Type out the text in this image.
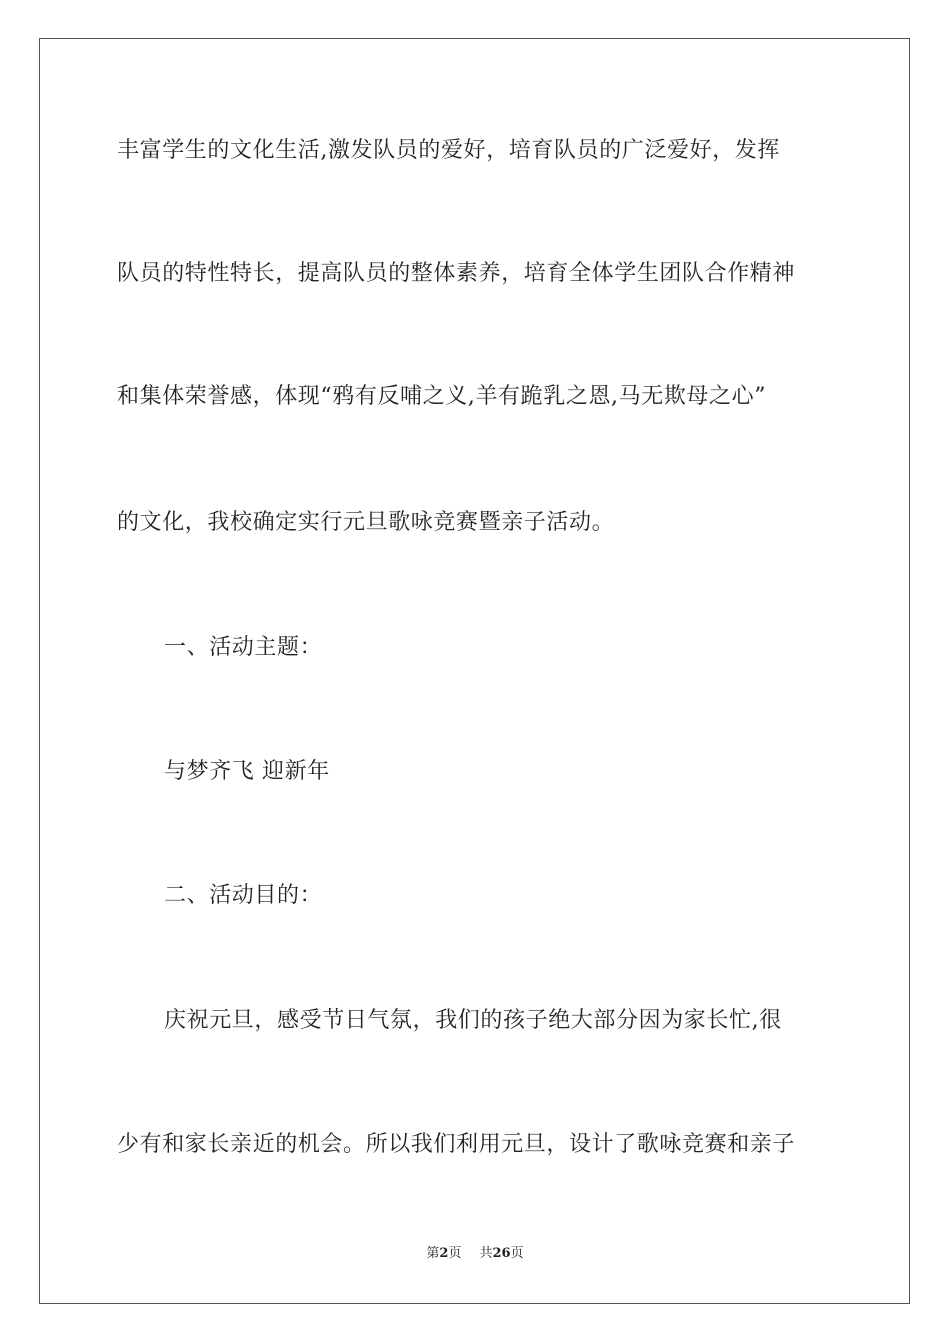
丰富学生的文化生活,激发队员的爱好，培育队员的广泛爱好，发挥
队员的特性特长，提高队员的整体素养，培育全体学生团队合作精神
和集体荣誉感，体现“鸦有反哺之义,羊有跪乳之恩,马无欺母之心”
的文化，我校确定实行元旦歌咏竞赛暨亲子活动。
一、活动主题：
与梦齐飞 迎新年
二、活动目的：
庆祝元旦，感受节日气氛，我们的孩子绝大部分因为家长忙,很
少有和家长亲近的机会。所以我们利用元旦，设计了歌咏竞赛和亲子
第2页 共26页
